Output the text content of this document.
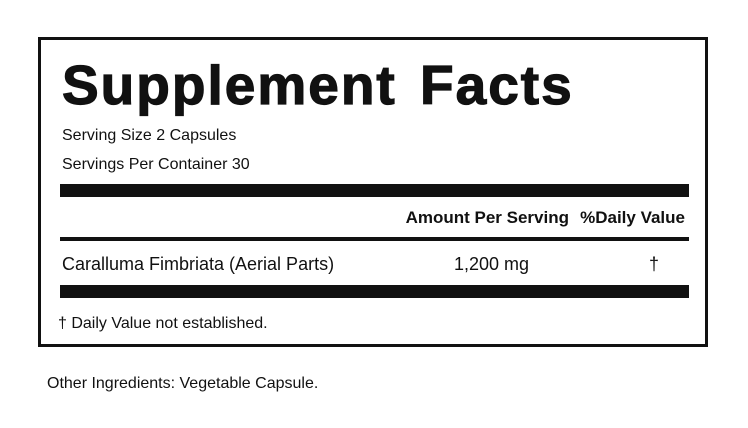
Supplement Facts
Serving Size 2 Capsules
Servings Per Container 30
Amount Per Serving %Daily Value
Caralluma Fimbriata (Aerial Parts)	1,200 mg	†
† Daily Value not established.
Other Ingredients: Vegetable Capsule.
